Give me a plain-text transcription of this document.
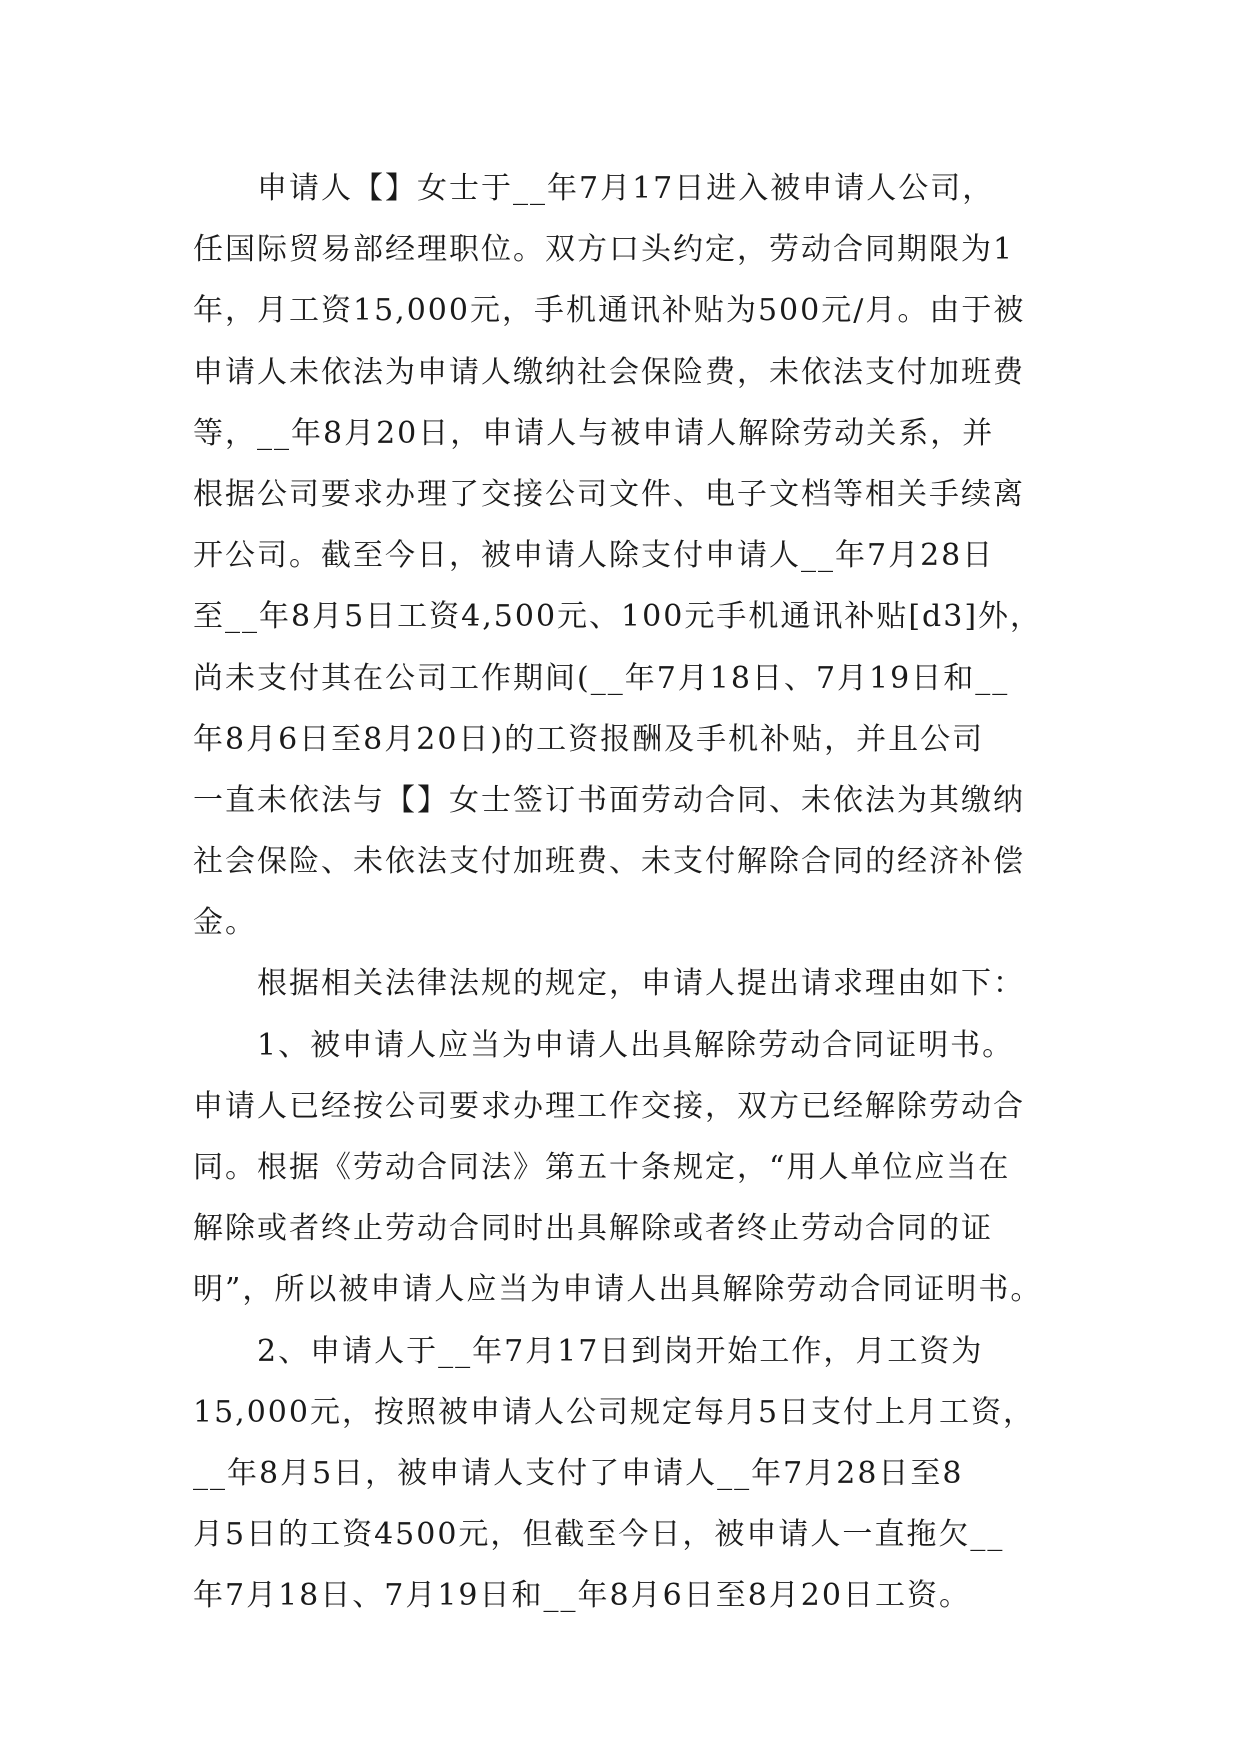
申请人【】女士于__年7月17日进入被申请人公司，
任国际贸易部经理职位。双方口头约定，劳动合同期限为1
年，月工资15,000元，手机通讯补贴为500元/月。由于被
申请人未依法为申请人缴纳社会保险费，未依法支付加班费
等，__年8月20日，申请人与被申请人解除劳动关系，并
根据公司要求办理了交接公司文件、电子文档等相关手续离
开公司。截至今日，被申请人除支付申请人__年7月28日
至__年8月5日工资4,500元、100元手机通讯补贴[d3]外，
尚未支付其在公司工作期间(__年7月18日、7月19日和__
年8月6日至8月20日)的工资报酬及手机补贴，并且公司
一直未依法与【】女士签订书面劳动合同、未依法为其缴纳
社会保险、未依法支付加班费、未支付解除合同的经济补偿
金。
根据相关法律法规的规定，申请人提出请求理由如下：
1、被申请人应当为申请人出具解除劳动合同证明书。
申请人已经按公司要求办理工作交接，双方已经解除劳动合
同。根据《劳动合同法》第五十条规定，“用人单位应当在
解除或者终止劳动合同时出具解除或者终止劳动合同的证
明”，所以被申请人应当为申请人出具解除劳动合同证明书。
2、申请人于__年7月17日到岗开始工作，月工资为
15,000元，按照被申请人公司规定每月5日支付上月工资，
__年8月5日，被申请人支付了申请人__年7月28日至8
月5日的工资4500元，但截至今日，被申请人一直拖欠__
年7月18日、7月19日和__年8月6日至8月20日工资。
